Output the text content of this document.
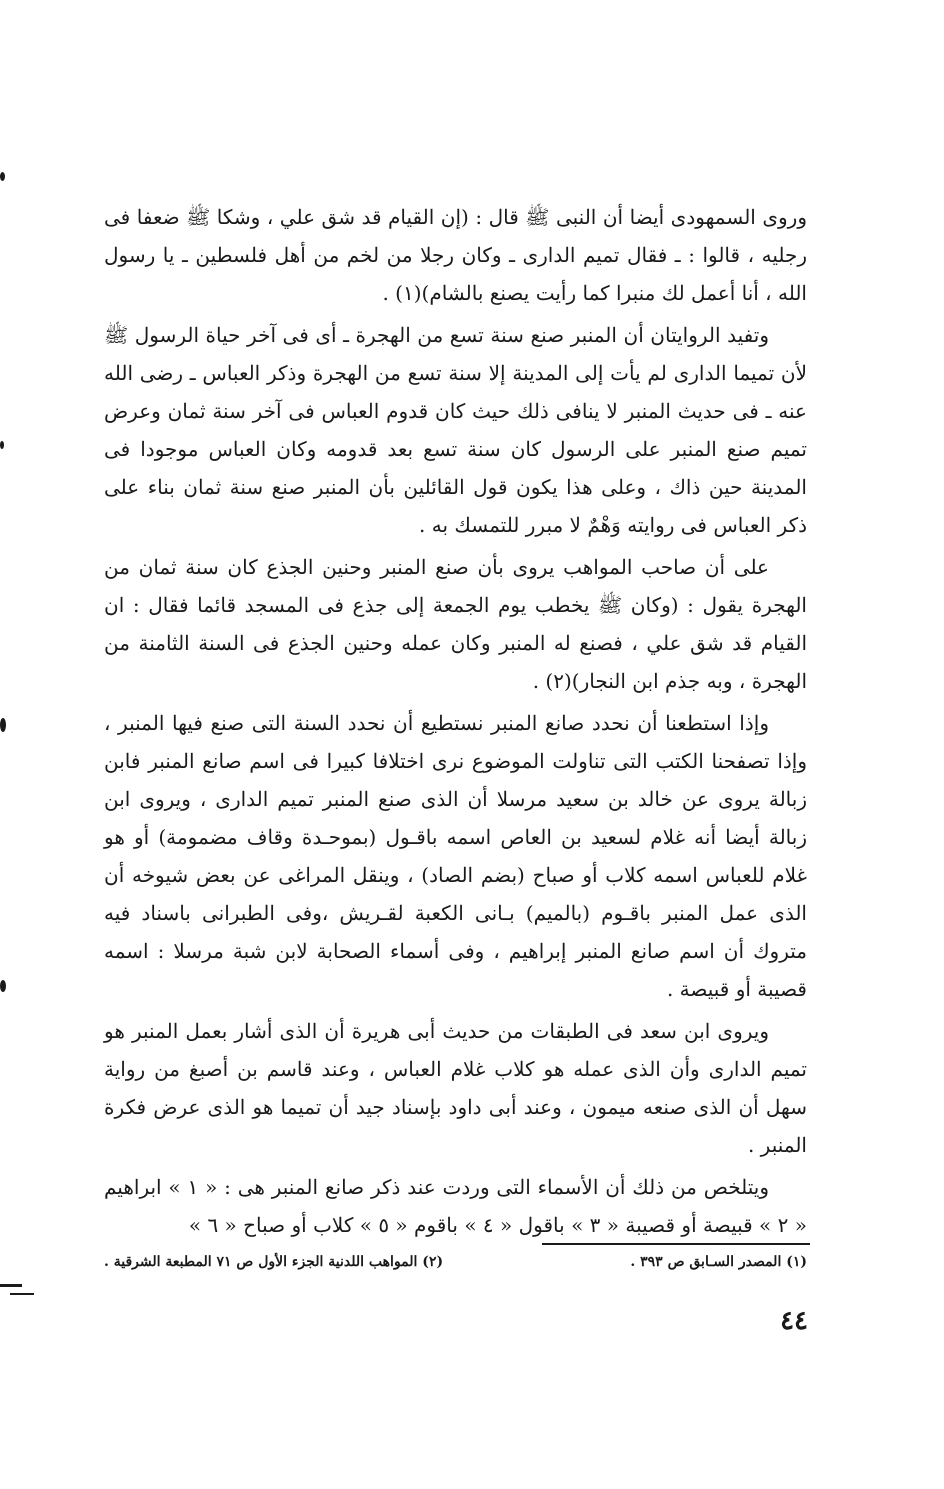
وروى السمهودى أيضا أن النبى ﷺ قال : (إن القيام قد شق علي ، وشكا ﷺ ضعفا فى رجليه ، قالوا : ـ فقال تميم الدارى ـ وكان رجلا من لخم من أهل فلسطين ـ يا رسول الله ، أنا أعمل لك منبرا كما رأيت يصنع بالشام)(١) .

وتفيد الروايتان أن المنبر صنع سنة تسع من الهجرة ـ أى فى آخر حياة الرسول ﷺ لأن تميما الدارى لم يأت إلى المدينة إلا سنة تسع من الهجرة وذكر العباس ـ رضى الله عنه ـ فى حديث المنبر لا ينافى ذلك حيث كان قدوم العباس فى آخر سنة ثمان وعرض تميم صنع المنبر على الرسول كان سنة تسع بعد قدومه وكان العباس موجودا فى المدينة حين ذاك ، وعلى هذا يكون قول القائلين بأن المنبر صنع سنة ثمان بناء على ذكر العباس فى روايته وَهْمٌ لا مبرر للتمسك به .

على أن صاحب المواهب يروى بأن صنع المنبر وحنين الجذع كان سنة ثمان من الهجرة يقول : (وكان ﷺ يخطب يوم الجمعة إلى جذع فى المسجد قائما فقال : ان القيام قد شق علي ، فصنع له المنبر وكان عمله وحنين الجذع فى السنة الثامنة من الهجرة ، وبه جذم ابن النجار)(٢) .

وإذا استطعنا أن نحدد صانع المنبر نستطيع أن نحدد السنة التى صنع فيها المنبر ، وإذا تصفحنا الكتب التى تناولت الموضوع نرى اختلافا كبيرا فى اسم صانع المنبر فابن زبالة يروى عن خالد بن سعيد مرسلا أن الذى صنع المنبر تميم الدارى ، ويروى ابن زبالة أيضا أنه غلام لسعيد بن العاص اسمه باقـول (بموحـدة وقاف مضمومة) أو هو غلام للعباس اسمه كلاب أو صباح (بضم الصاد) ، وينقل المراغى عن بعض شيوخه أن الذى عمل المنبر باقـوم (بالميم) بـانى الكعبة لقـريش ،وفى الطبرانى باسناد فيه متروك أن اسم صانع المنبر إبراهيم ، وفى أسماء الصحابة لابن شبة مرسلا : اسمه قصيبة أو قبيصة .

ويروى ابن سعد فى الطبقات من حديث أبى هريرة أن الذى أشار بعمل المنبر هو تميم الدارى وأن الذى عمله هو كلاب غلام العباس ، وعند قاسم بن أصبغ من رواية سهل أن الذى صنعه ميمون ، وعند أبى داود بإسناد جيد أن تميما هو الذى عرض فكرة المنبر .

ويتلخص من ذلك أن الأسماء التى وردت عند ذكر صانع المنبر هى : « ١ » ابراهيم « ٢ » قبيصة أو قصيبة « ٣ » باقول « ٤ » باقوم « ٥ » كلاب أو صباح « ٦ »

(١) المصدر السـابق ص ٣٩٣ .
(٢) المواهب اللدنية الجزء الأول ص ٧١ المطبعة الشرقية .
٤٤
